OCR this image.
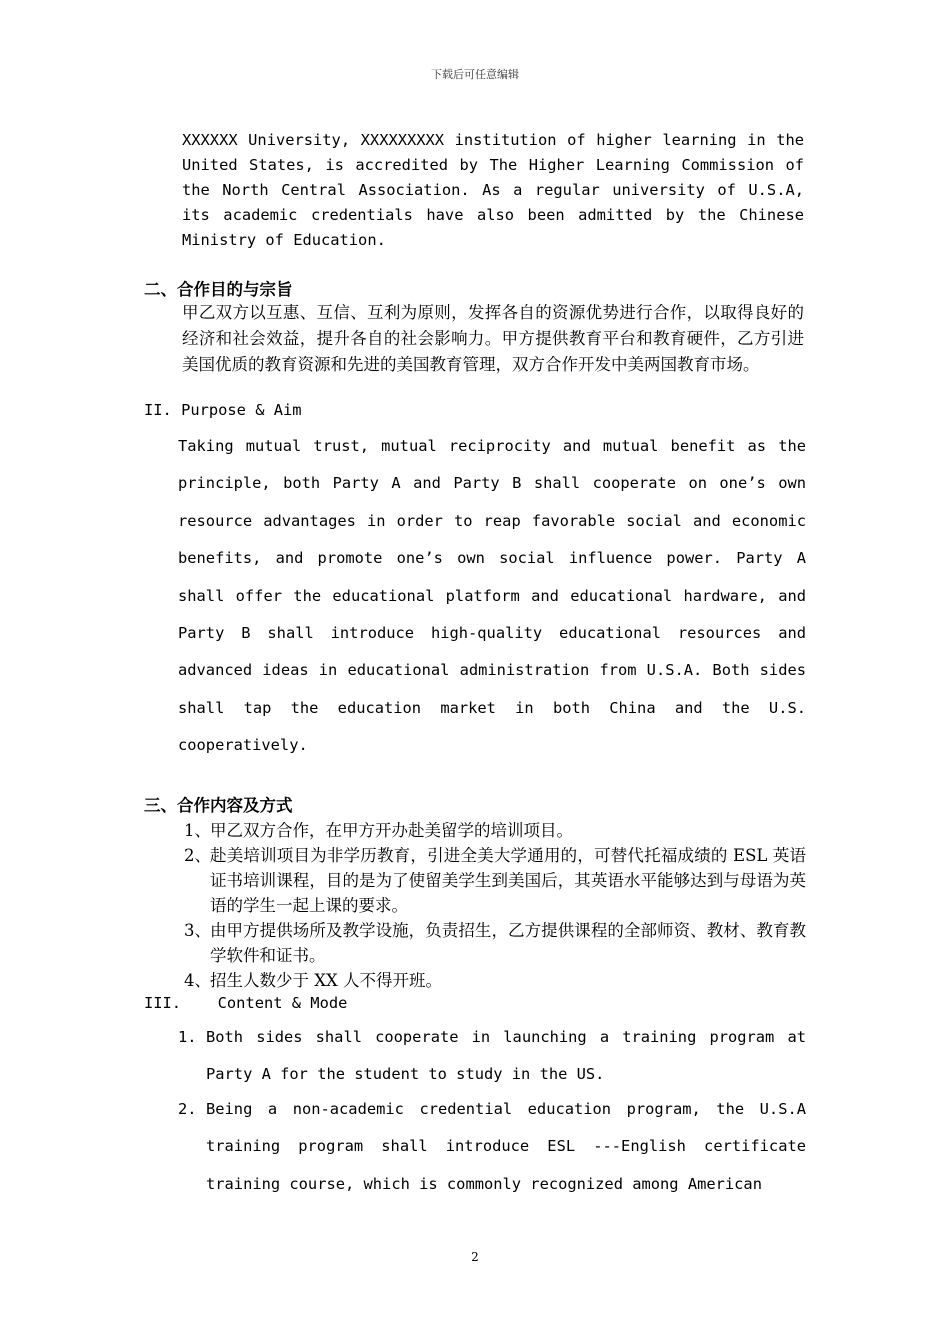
下载后可任意编辑
XXXXXX University, XXXXXXXXX institution of higher learning in the United States, is accredited by The Higher Learning Commission of the North Central Association. As a regular university of U.S.A, its academic credentials have also been admitted by the Chinese Ministry of Education.
二、合作目的与宗旨
甲乙双方以互惠、互信、互利为原则，发挥各自的资源优势进行合作，以取得良好的经济和社会效益，提升各自的社会影响力。甲方提供教育平台和教育硬件，乙方引进美国优质的教育资源和先进的美国教育管理，双方合作开发中美两国教育市场。
II. Purpose & Aim
Taking mutual trust, mutual reciprocity and mutual benefit as the principle, both Party A and Party B shall cooperate on one’s own resource advantages in order to reap favorable social and economic benefits, and promote one’s own social influence power. Party A shall offer the educational platform and educational hardware, and Party B shall introduce high-quality educational resources and advanced ideas in educational administration from U.S.A. Both sides shall tap the education market in both China and the U.S. cooperatively.
三、合作内容及方式
1、 甲乙双方合作，在甲方开办赴美留学的培训项目。
2、 赴美培训项目为非学历教育，引进全美大学通用的，可替代托福成绩的 ESL 英语证书培训课程，目的是为了使留美学生到美国后，其英语水平能够达到与母语为英语的学生一起上课的要求。
3、 由甲方提供场所及教学设施，负责招生，乙方提供课程的全部师资、教材、教育教学软件和证书。
4、 招生人数少于 XX 人不得开班。
III. Content & Mode
1. Both sides shall cooperate in launching a training program at Party A for the student to study in the US.
2. Being a non-academic credential education program, the U.S.A training program shall introduce ESL ---English certificate training course, which is commonly recognized among American
2
